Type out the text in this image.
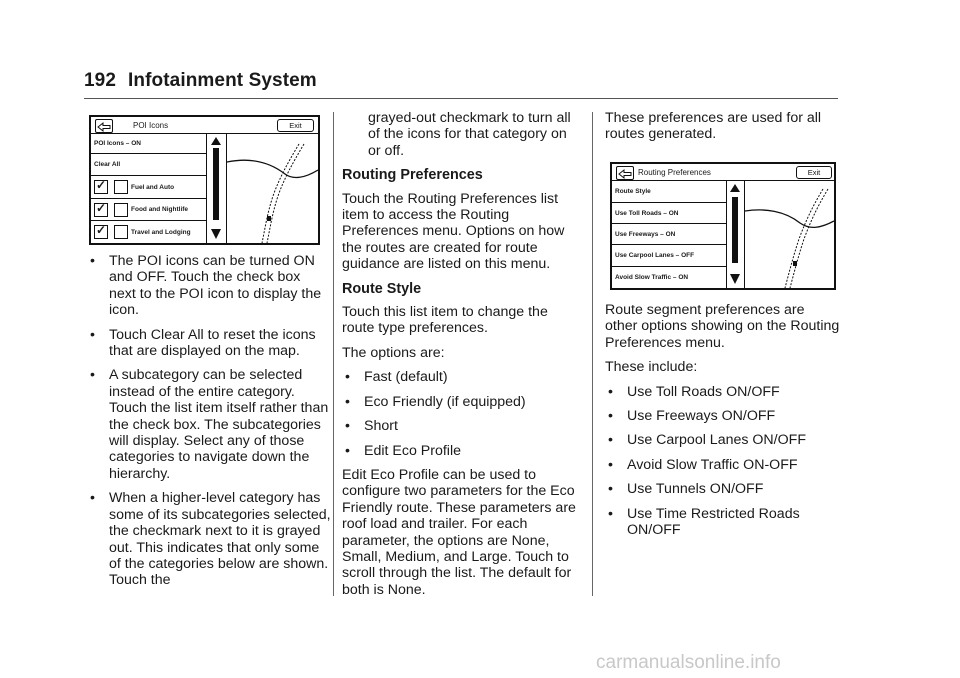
192 Infotainment System
POI Icons	Exit
POI Icons – ON
Clear All
✓
Fuel and Auto
✓
Food and Nightlife
✓
Travel and Lodging
• The POI icons can be turned ON and OFF. Touch the check box next to the POI icon to display the icon.
• Touch Clear All to reset the icons that are displayed on the map.
• A subcategory can be selected instead of the entire category. Touch the list item itself rather than the check box. The subcategories will display. Select any of those categories to navigate down the hierarchy.
• When a higher-level category has some of its subcategories selected, the checkmark next to it is grayed out. This indicates that only some of the categories below are shown. Touch the

grayed-out checkmark to turn all of the icons for that category on or off.

Routing Preferences

Touch the Routing Preferences list item to access the Routing Preferences menu. Options on how the routes are created for route guidance are listed on this menu.

Route Style

Touch this list item to change the route type preferences.

The options are:

• Fast (default)
• Eco Friendly (if equipped)
• Short
• Edit Eco Profile

Edit Eco Profile can be used to configure two parameters for the Eco Friendly route. These parameters are roof load and trailer. For each parameter, the options are None, Small, Medium, and Large. Touch to scroll through the list. The default for both is None.

These preferences are used for all routes generated.

Routing Preferences	Exit
Route Style
Use Toll Roads – ON
Use Freeways – ON
Use Carpool Lanes – OFF
Avoid Slow Traffic – ON

Route segment preferences are other options showing on the Routing Preferences menu.

These include:

• Use Toll Roads ON/OFF
• Use Freeways ON/OFF
• Use Carpool Lanes ON/OFF
• Avoid Slow Traffic ON-OFF
• Use Tunnels ON/OFF
• Use Time Restricted Roads ON/OFF
carmanualsonline.info
